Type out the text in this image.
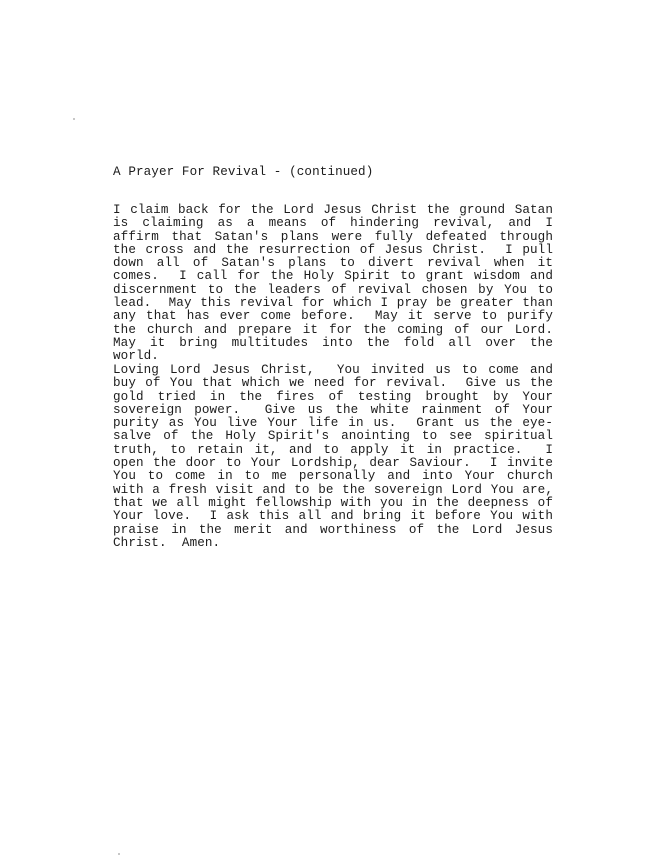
A Prayer For Revival - (continued)
I claim back for the Lord Jesus Christ the ground Satan
is claiming as a means of hindering revival, and I
affirm that Satan's plans were fully defeated through
the cross and the resurrection of Jesus Christ.  I pull
down all of Satan's plans to divert revival when it
comes.  I call for the Holy Spirit to grant wisdom and
discernment to the leaders of revival chosen by You to
lead.  May this revival for which I pray be greater than
any that has ever come before.  May it serve to purify
the church and prepare it for the coming of our Lord.
May it bring multitudes into the fold all over the
world.
Loving Lord Jesus Christ,  You invited us to come and
buy of You that which we need for revival.  Give us the
gold tried in the fires of testing brought by Your
sovereign power.  Give us the white rainment of Your
purity as You live Your life in us.  Grant us the eye-
salve of the Holy Spirit's anointing to see spiritual
truth, to retain it, and to apply it in practice.  I
open the door to Your Lordship, dear Saviour.  I invite
You to come in to me personally and into Your church
with a fresh visit and to be the sovereign Lord You are,
that we all might fellowship with you in the deepness of
Your love.  I ask this all and bring it before You with
praise in the merit and worthiness of the Lord Jesus
Christ.  Amen.
